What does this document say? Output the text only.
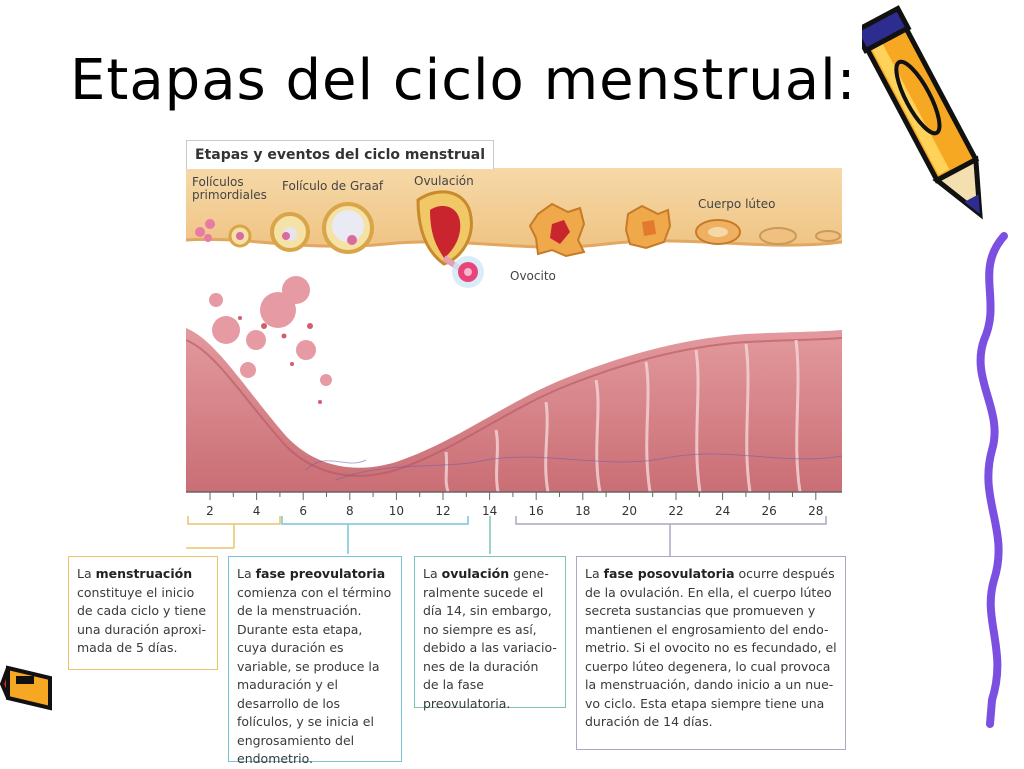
Etapas del ciclo menstrual:
Etapas y eventos del ciclo menstrual
Folículos primordiales
Folículo de Graaf	Ovulación
Ovocito
Cuerpo lúteo
2	4	6	8	10	12	14	16	18	20	22	24	26	28
La menstruación constituye el inicio de cada ciclo y tiene una duración aproxi-mada de 5 días.
La fase preovulatoria comienza con el término de la menstruación. Durante esta etapa, cuya duración es variable, se produce la maduración y el desarrollo de los folículos, y se inicia el engrosamiento del endometrio.
La ovulación gene-ralmente sucede el día 14, sin embargo, no siempre es así, debido a las variacio-nes de la duración de la fase preovulatoria.
La fase posovulatoria ocurre después de la ovulación. En ella, el cuerpo lúteo secreta sustancias que promueven y mantienen el engrosamiento del endo-metrio. Si el ovocito no es fecundado, el cuerpo lúteo degenera, lo cual provoca la menstruación, dando inicio a un nue-vo ciclo. Esta etapa siempre tiene una duración de 14 días.
